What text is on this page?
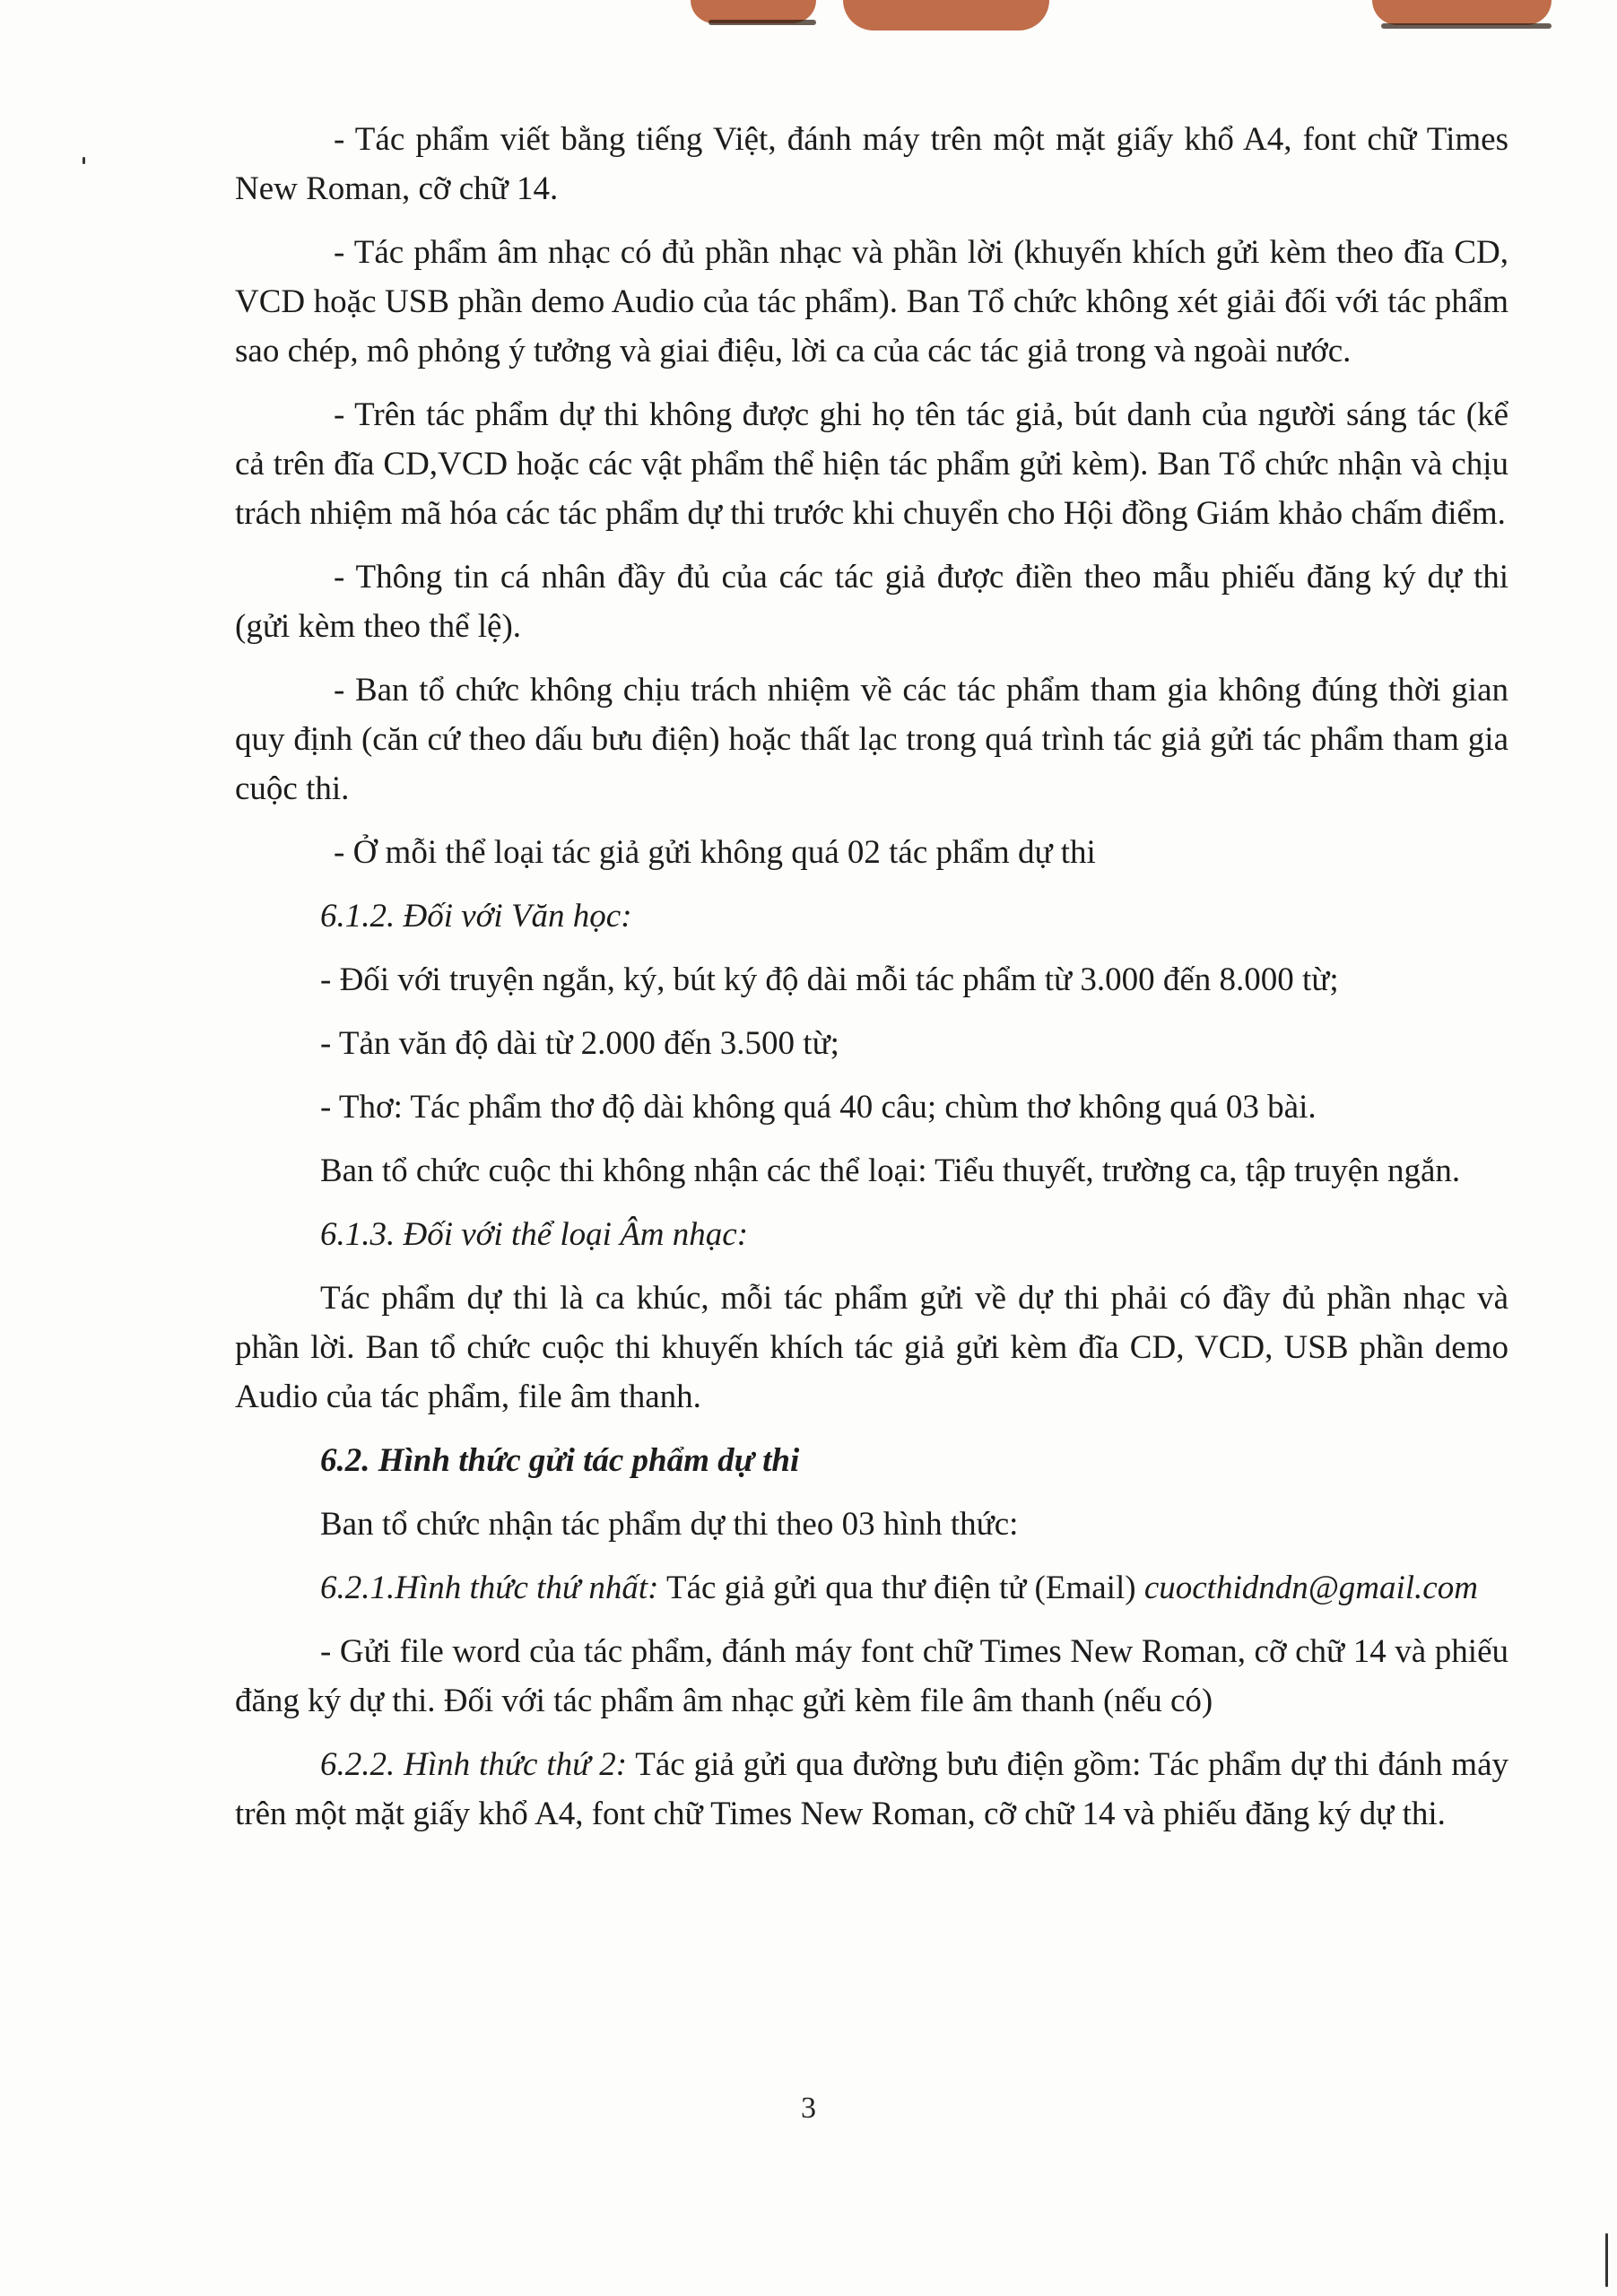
- Tác phẩm viết bằng tiếng Việt, đánh máy trên một mặt giấy khổ A4, font chữ Times New Roman, cỡ chữ 14.

- Tác phẩm âm nhạc có đủ phần nhạc và phần lời (khuyến khích gửi kèm theo đĩa CD, VCD hoặc USB phần demo Audio của tác phẩm). Ban Tổ chức không xét giải đối với tác phẩm sao chép, mô phỏng ý tưởng và giai điệu, lời ca của các tác giả trong và ngoài nước.

- Trên tác phẩm dự thi không được ghi họ tên tác giả, bút danh của người sáng tác (kể cả trên đĩa CD,VCD hoặc các vật phẩm thể hiện tác phẩm gửi kèm). Ban Tổ chức nhận và chịu trách nhiệm mã hóa các tác phẩm dự thi trước khi chuyển cho Hội đồng Giám khảo chấm điểm.

- Thông tin cá nhân đầy đủ của các tác giả được điền theo mẫu phiếu đăng ký dự thi (gửi kèm theo thể lệ).

- Ban tổ chức không chịu trách nhiệm về các tác phẩm tham gia không đúng thời gian quy định (căn cứ theo dấu bưu điện) hoặc thất lạc trong quá trình tác giả gửi tác phẩm tham gia cuộc thi.

- Ở mỗi thể loại tác giả gửi không quá 02 tác phẩm dự thi

6.1.2. Đối với Văn học:

- Đối với truyện ngắn, ký, bút ký độ dài mỗi tác phẩm từ 3.000 đến 8.000 từ;

- Tản văn độ dài từ 2.000 đến 3.500 từ;

- Thơ: Tác phẩm thơ độ dài không quá 40 câu; chùm thơ không quá 03 bài.

Ban tổ chức cuộc thi không nhận các thể loại: Tiểu thuyết, trường ca, tập truyện ngắn.

6.1.3. Đối với thể loại Âm nhạc:

Tác phẩm dự thi là ca khúc, mỗi tác phẩm gửi về dự thi phải có đầy đủ phần nhạc và phần lời. Ban tổ chức cuộc thi khuyến khích tác giả gửi kèm đĩa CD, VCD, USB phần demo Audio của tác phẩm, file âm thanh.

6.2. Hình thức gửi tác phẩm dự thi

Ban tổ chức nhận tác phẩm dự thi theo 03 hình thức:

6.2.1.Hình thức thứ nhất: Tác giả gửi qua thư điện tử (Email) cuocthidndn@gmail.com

- Gửi file word của tác phẩm, đánh máy font chữ Times New Roman, cỡ chữ 14 và phiếu đăng ký dự thi. Đối với tác phẩm âm nhạc gửi kèm file âm thanh (nếu có)

6.2.2. Hình thức thứ 2: Tác giả gửi qua đường bưu điện gồm: Tác phẩm dự thi đánh máy trên một mặt giấy khổ A4, font chữ Times New Roman, cỡ chữ 14 và phiếu đăng ký dự thi.

3
